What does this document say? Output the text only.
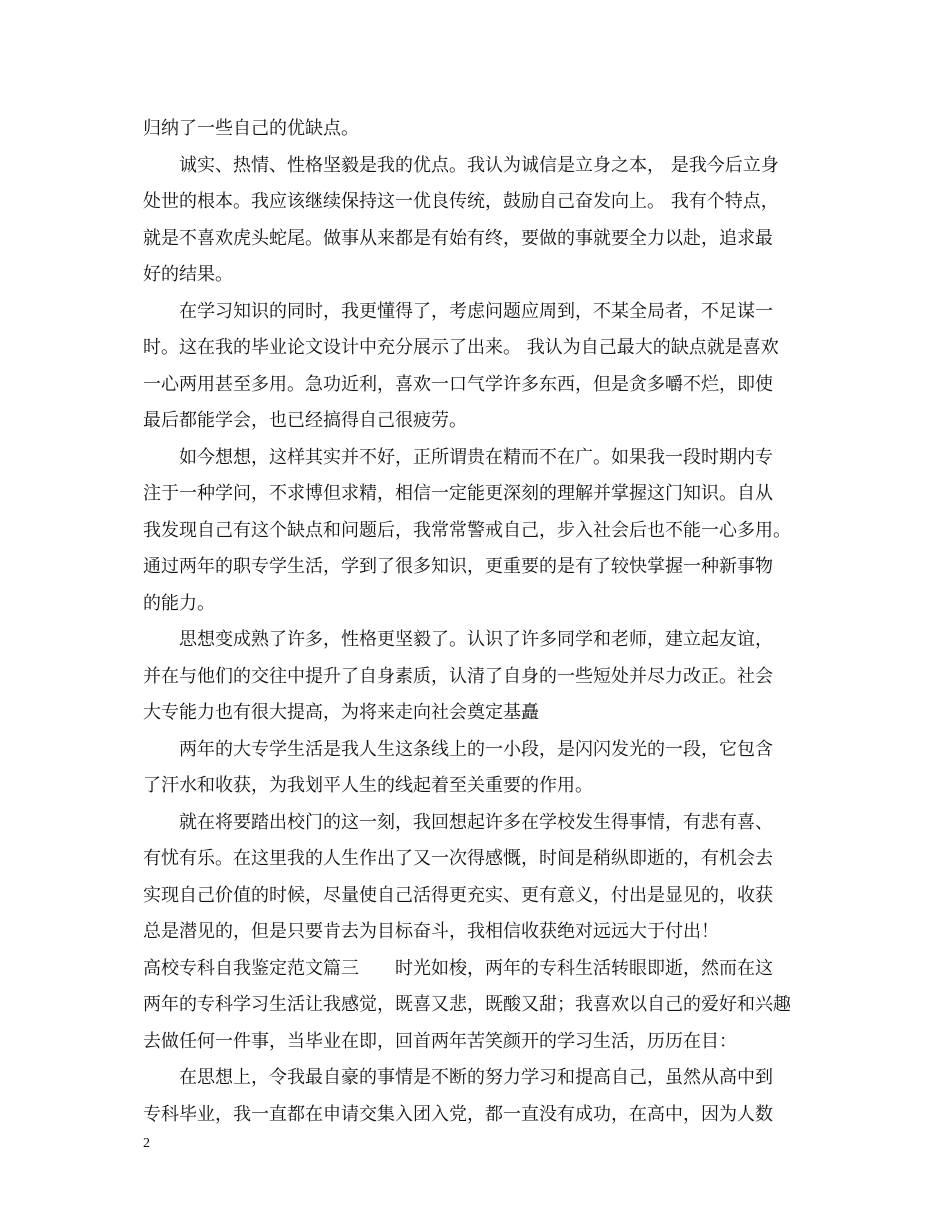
归纳了一些自己的优缺点。
　　诚实、热情、性格坚毅是我的优点。我认为诚信是立身之本， 是我今后立身
处世的根本。我应该继续保持这一优良传统，鼓励自己奋发向上。 我有个特点，
就是不喜欢虎头蛇尾。做事从来都是有始有终，要做的事就要全力以赴，追求最
好的结果。
　　在学习知识的同时，我更懂得了，考虑问题应周到，不某全局者，不足谋一
时。这在我的毕业论文设计中充分展示了出来。 我认为自己最大的缺点就是喜欢
一心两用甚至多用。急功近利，喜欢一口气学许多东西，但是贪多嚼不烂，即使
最后都能学会，也已经搞得自己很疲劳。
　　如今想想，这样其实并不好，正所谓贵在精而不在广。如果我一段时期内专
注于一种学问，不求博但求精，相信一定能更深刻的理解并掌握这门知识。自从
我发现自己有这个缺点和问题后，我常常警戒自己，步入社会后也不能一心多用。
通过两年的职专学生活，学到了很多知识，更重要的是有了较快掌握一种新事物
的能力。
　　思想变成熟了许多，性格更坚毅了。认识了许多同学和老师，建立起友谊，
并在与他们的交往中提升了自身素质，认清了自身的一些短处并尽力改正。社会
大专能力也有很大提高，为将来走向社会奠定基矗
　　两年的大专学生活是我人生这条线上的一小段，是闪闪发光的一段，它包含
了汗水和收获，为我划平人生的线起着至关重要的作用。
　　就在将要踏出校门的这一刻，我回想起许多在学校发生得事情，有悲有喜、
有忧有乐。在这里我的人生作出了又一次得感慨，时间是稍纵即逝的，有机会去
实现自己价值的时候，尽量使自己活得更充实、更有意义，付出是显见的，收获
总是潜见的，但是只要肯去为目标奋斗，我相信收获绝对远远大于付出！
高校专科自我鉴定范文篇三　　时光如梭，两年的专科生活转眼即逝，然而在这
两年的专科学习生活让我感觉，既喜又悲，既酸又甜；我喜欢以自己的爱好和兴趣
去做任何一件事，当毕业在即，回首两年苦笑颜开的学习生活，历历在目：
　　在思想上，令我最自豪的事情是不断的努力学习和提高自己，虽然从高中到
专科毕业，我一直都在申请交集入团入党，都一直没有成功，在高中，因为人数
2
